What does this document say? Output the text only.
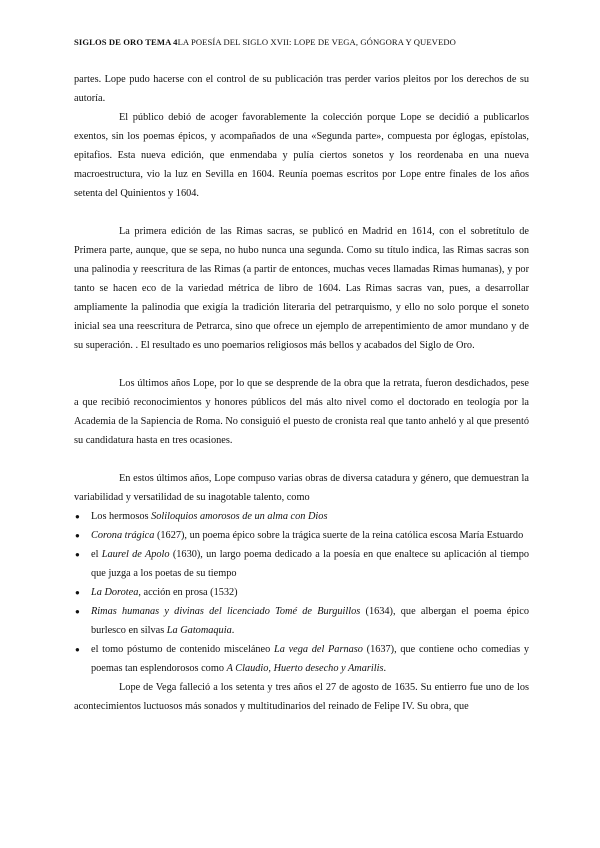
SIGLOS DE ORO TEMA 4LA POESÍA DEL SIGLO XVII: LOPE DE VEGA, GÓNGORA Y QUEVEDO

partes. Lope pudo hacerse con el control de su publicación tras perder varios pleitos por los derechos de su autoría.

El público debió de acoger favorablemente la colección porque Lope se decidió a publicarlos exentos, sin los poemas épicos, y acompañados de una «Segunda parte», compuesta por églogas, epístolas, epitafios. Esta nueva edición, que enmendaba y pulía ciertos sonetos y los reordenaba en una nueva macroestructura, vio la luz en Sevilla en 1604. Reunía poemas escritos por Lope entre finales de los años setenta del Quinientos y 1604.

La primera edición de las Rimas sacras, se publicó en Madrid en 1614, con el sobretítulo de Primera parte, aunque, que se sepa, no hubo nunca una segunda. Como su título indica, las Rimas sacras son una palinodia y reescritura de las Rimas (a partir de entonces, muchas veces llamadas Rimas humanas), y por tanto se hacen eco de la variedad métrica de libro de 1604. Las Rimas sacras van, pues, a desarrollar ampliamente la palinodia que exigía la tradición literaria del petrarquismo, y ello no solo porque el soneto inicial sea una reescritura de Petrarca, sino que ofrece un ejemplo de arrepentimiento de amor mundano y de su superación. . El resultado es uno poemarios religiosos más bellos y acabados del Siglo de Oro.

Los últimos años Lope, por lo que se desprende de la obra que la retrata, fueron desdichados, pese a que recibió reconocimientos y honores públicos del más alto nivel como el doctorado en teología por la Academia de la Sapiencia de Roma. No consiguió el puesto de cronista real que tanto anheló y al que presentó su candidatura hasta en tres ocasiones.

En estos últimos años, Lope compuso varias obras de diversa catadura y género, que demuestran la variabilidad y versatilidad de su inagotable talento, como

● Los hermosos Soliloquios amorosos de un alma con Dios
● Corona trágica (1627), un poema épico sobre la trágica suerte de la reina católica escosa María Estuardo
● el Laurel de Apolo (1630), un largo poema dedicado a la poesía en que enaltece su aplicación al tiempo que juzga a los poetas de su tiempo
● La Dorotea, acción en prosa (1532)
● Rimas humanas y divinas del licenciado Tomé de Burguillos (1634), que albergan el poema épico burlesco en silvas La Gatomaquia.
● el tomo póstumo de contenido misceláneo La vega del Parnaso (1637), que contiene ocho comedias y poemas tan esplendorosos como A Claudio, Huerto desecho y Amarilis.

Lope de Vega falleció a los setenta y tres años el 27 de agosto de 1635. Su entierro fue uno de los acontecimientos luctuosos más sonados y multitudinarios del reinado de Felipe IV. Su obra, que
